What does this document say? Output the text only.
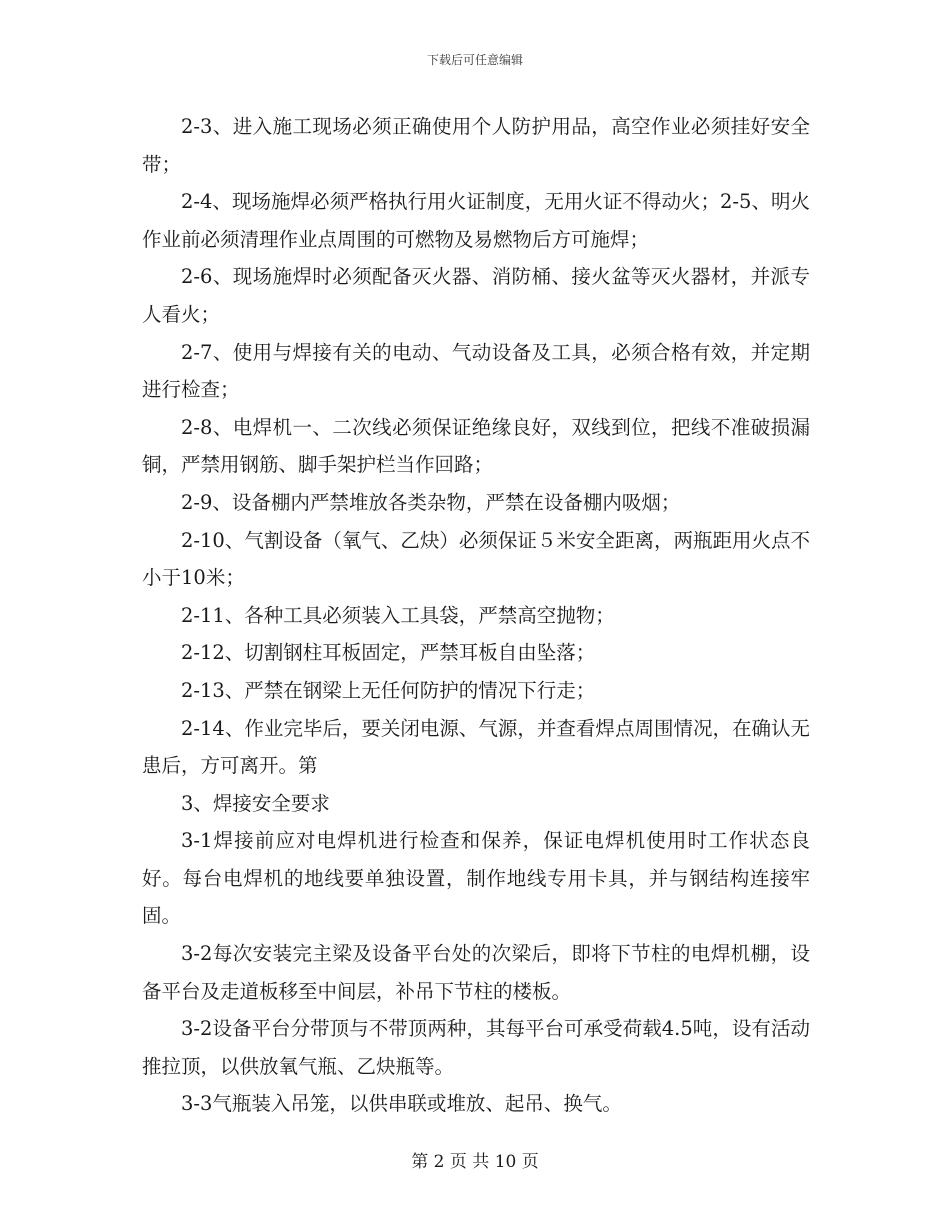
下载后可任意编辑

2-3、进入施工现场必须正确使用个人防护用品，高空作业必须挂好安全带；

2-4、现场施焊必须严格执行用火证制度，无用火证不得动火；2-5、明火作业前必须清理作业点周围的可燃物及易燃物后方可施焊；

2-6、现场施焊时必须配备灭火器、消防桶、接火盆等灭火器材，并派专人看火；

2-7、使用与焊接有关的电动、气动设备及工具，必须合格有效，并定期进行检查；

2-8、电焊机一、二次线必须保证绝缘良好，双线到位，把线不准破损漏铜，严禁用钢筋、脚手架护栏当作回路；

2-9、设备棚内严禁堆放各类杂物，严禁在设备棚内吸烟；

2-10、气割设备（氧气、乙炔）必须保证５米安全距离，两瓶距用火点不小于10米；

2-11、各种工具必须装入工具袋，严禁高空抛物；

2-12、切割钢柱耳板固定，严禁耳板自由坠落；

2-13、严禁在钢梁上无任何防护的情况下行走；

2-14、作业完毕后，要关闭电源、气源，并查看焊点周围情况，在确认无患后，方可离开。第

3、焊接安全要求

3-1焊接前应对电焊机进行检查和保养，保证电焊机使用时工作状态良好。每台电焊机的地线要单独设置，制作地线专用卡具，并与钢结构连接牢固。

3-2每次安装完主梁及设备平台处的次梁后，即将下节柱的电焊机棚，设备平台及走道板移至中间层，补吊下节柱的楼板。

3-2设备平台分带顶与不带顶两种，其每平台可承受荷载4.5吨，设有活动推拉顶，以供放氧气瓶、乙炔瓶等。

3-3气瓶装入吊笼，以供串联或堆放、起吊、换气。

第 2 页 共 10 页
